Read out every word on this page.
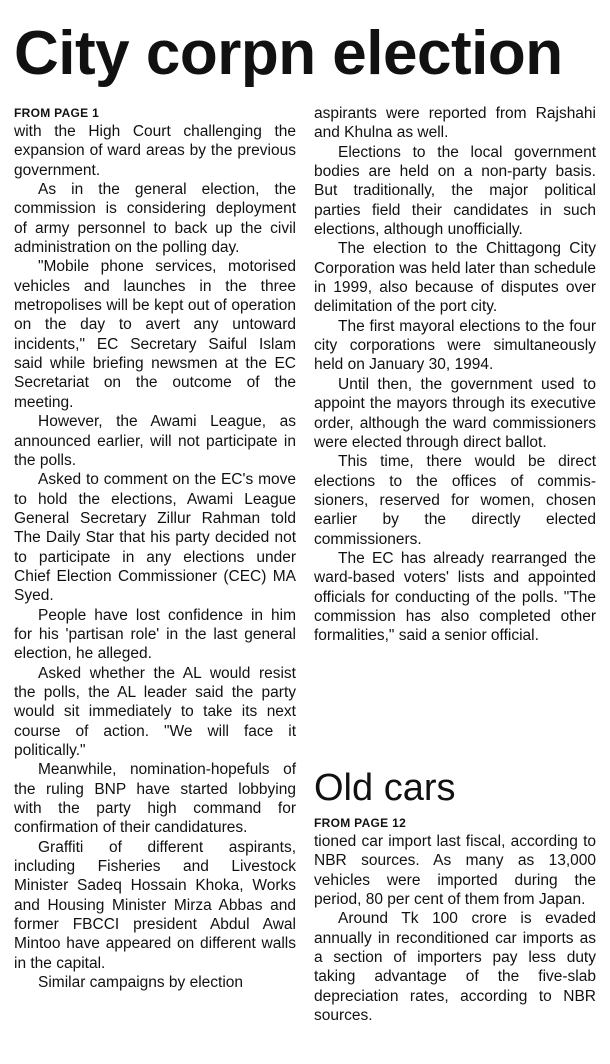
City corpn election

FROM PAGE 1

with the High Court challenging the expansion of ward areas by the previous government.

As in the general election, the commission is considering deployment of army personnel to back up the civil administration on the polling day.

"Mobile phone services, motorised vehicles and launches in the three metropolises will be kept out of operation on the day to avert any untoward incidents," EC Secretary Saiful Islam said while briefing newsmen at the EC Secretariat on the outcome of the meeting.

However, the Awami League, as announced earlier, will not participate in the polls.

Asked to comment on the EC's move to hold the elections, Awami League General Secretary Zillur Rahman told The Daily Star that his party decided not to participate in any elections under Chief Election Commissioner (CEC) MA Syed.

People have lost confidence in him for his 'partisan role' in the last general election, he alleged.

Asked whether the AL would resist the polls, the AL leader said the party would sit immediately to take its next course of action. "We will face it politically."

Meanwhile, nomination-hopefuls of the ruling BNP have started lobbying with the party high command for confirmation of their candidatures.

Graffiti of different aspirants, including Fisheries and Livestock Minister Sadeq Hossain Khoka, Works and Housing Minister Mirza Abbas and former FBCCI president Abdul Awal Mintoo have appeared on different walls in the capital.

Similar campaigns by election

aspirants were reported from Rajshahi and Khulna as well.

Elections to the local government bodies are held on a non-party basis. But traditionally, the major political parties field their candidates in such elections, although unofficially.

The election to the Chittagong City Corporation was held later than schedule in 1999, also because of disputes over delimitation of the port city.

The first mayoral elections to the four city corporations were simultaneously held on January 30, 1994.

Until then, the government used to appoint the mayors through its executive order, although the ward commissioners were elected through direct ballot.

This time, there would be direct elections to the offices of commissioners, reserved for women, chosen earlier by the directly elected commissioners.

The EC has already rearranged the ward-based voters' lists and appointed officials for conducting of the polls. "The commission has also completed other formalities," said a senior official.

Old cars

FROM PAGE 12

tioned car import last fiscal, according to NBR sources. As many as 13,000 vehicles were imported during the period, 80 per cent of them from Japan.

Around Tk 100 crore is evaded annually in reconditioned car imports as a section of importers pay less duty taking advantage of the five-slab depreciation rates, according to NBR sources.
